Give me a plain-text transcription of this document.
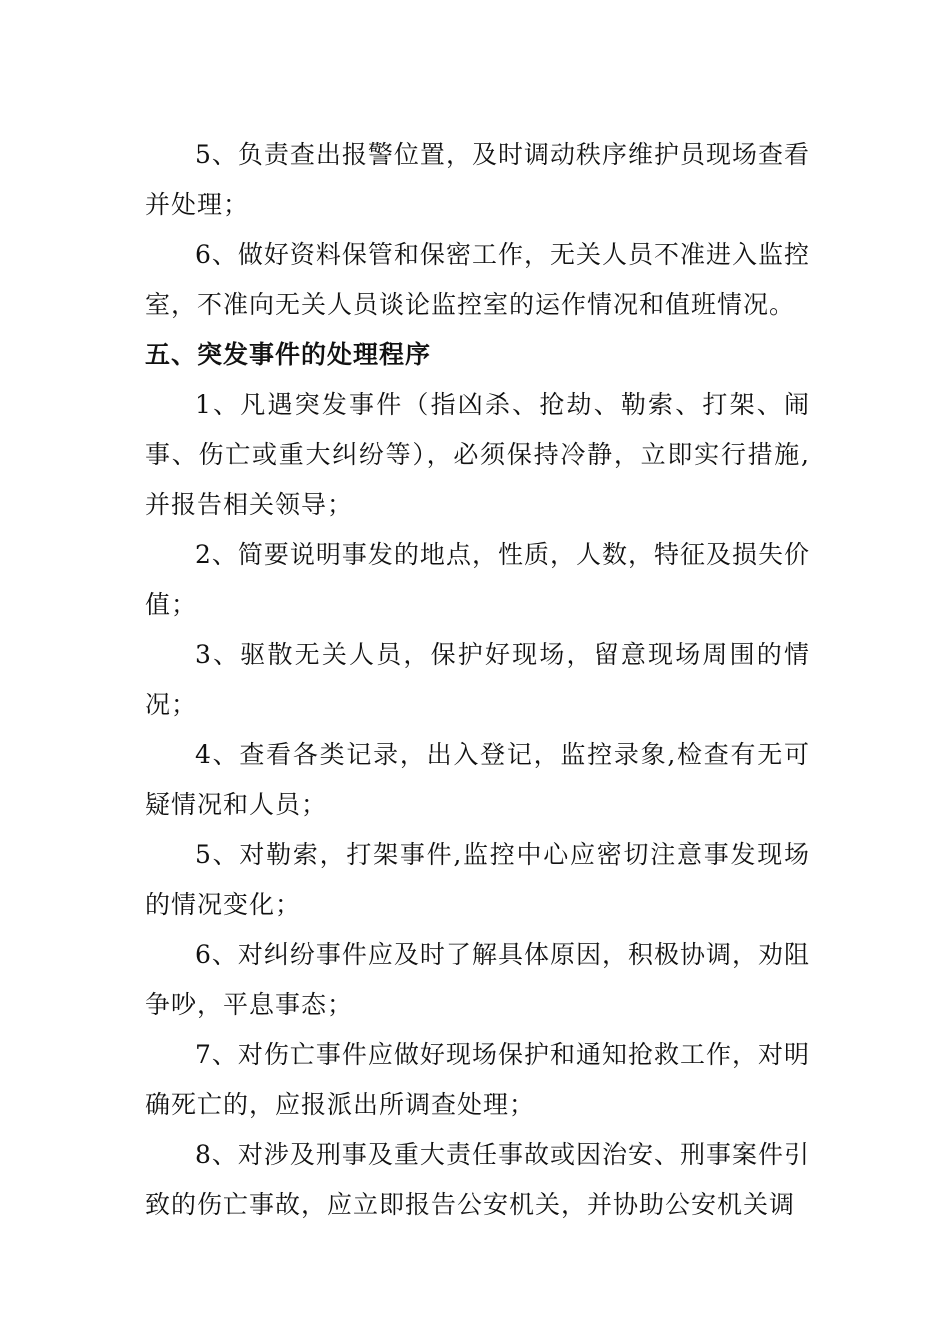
5、负责查出报警位置，及时调动秩序维护员现场查看并处理；

6、做好资料保管和保密工作，无关人员不准进入监控室，不准向无关人员谈论监控室的运作情况和值班情况。

五、突发事件的处理程序

1、凡遇突发事件（指凶杀、抢劫、勒索、打架、闹事、伤亡或重大纠纷等），必须保持冷静，立即实行措施,并报告相关领导；

2、简要说明事发的地点，性质，人数，特征及损失价值；

3、驱散无关人员，保护好现场，留意现场周围的情况；

4、查看各类记录，出入登记，监控录象,检查有无可疑情况和人员；

5、对勒索，打架事件,监控中心应密切注意事发现场的情况变化；

6、对纠纷事件应及时了解具体原因，积极协调，劝阻争吵，平息事态；

7、对伤亡事件应做好现场保护和通知抢救工作，对明确死亡的，应报派出所调查处理；

8、对涉及刑事及重大责任事故或因治安、刑事案件引致的伤亡事故，应立即报告公安机关，并协助公安机关调
